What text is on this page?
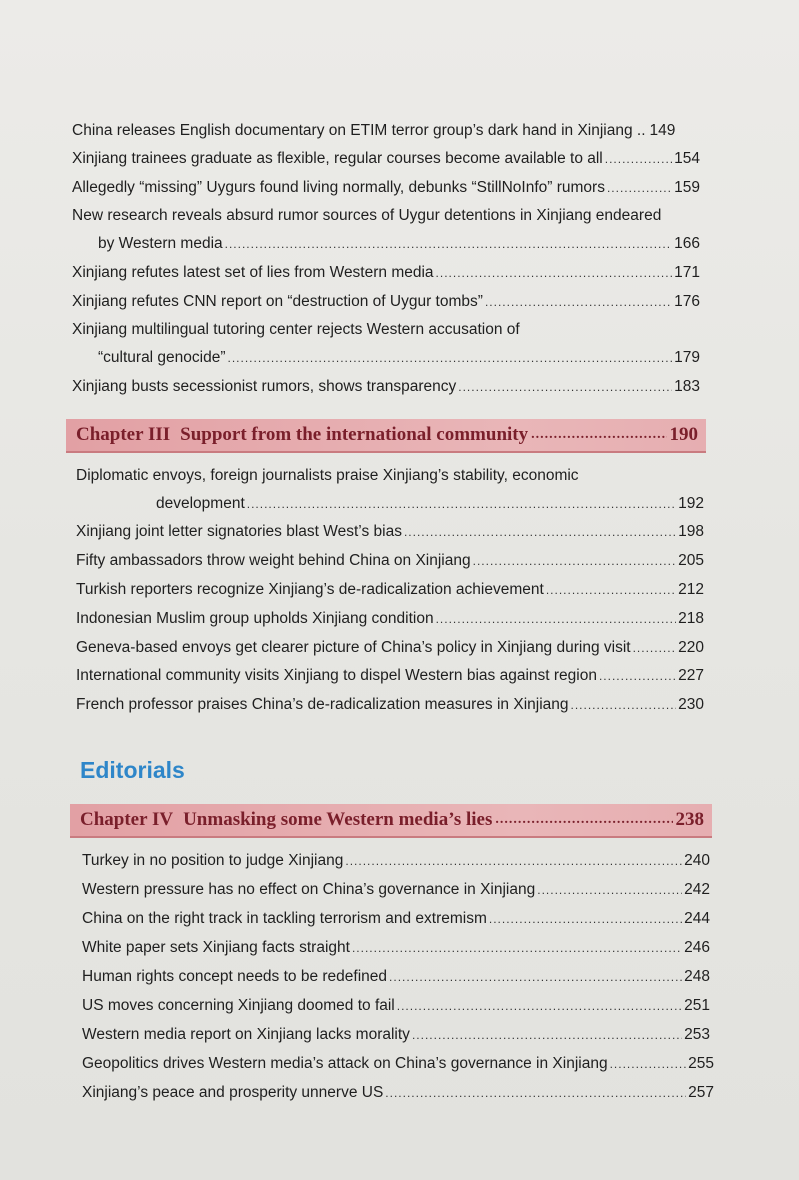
China releases English documentary on ETIM terror group’s dark hand in Xinjiang .. 149
Xinjiang trainees graduate as flexible, regular courses become available to all .....	154
Allegedly “missing” Uygurs found living normally, debunks “StillNoInfo” rumors .....	159
New research reveals absurd rumor sources of Uygur detentions in Xinjiang endeared
by Western media .....	166
Xinjiang refutes latest set of lies from Western media .....	171
Xinjiang refutes CNN report on “destruction of Uygur tombs” .....	176
Xinjiang multilingual tutoring center rejects Western accusation of
“cultural genocide” .....	179
Xinjiang busts secessionist rumors, shows transparency .....	183
Chapter III Support from the international community .....	190
Diplomatic envoys, foreign journalists praise Xinjiang’s stability, economic
development .....	192
Xinjiang joint letter signatories blast West’s bias .....	198
Fifty ambassadors throw weight behind China on Xinjiang .....	205
Turkish reporters recognize Xinjiang’s de-radicalization achievement .....	212
Indonesian Muslim group upholds Xinjiang condition .....	218
Geneva-based envoys get clearer picture of China’s policy in Xinjiang during visit .....	220
International community visits Xinjiang to dispel Western bias against region .....	227
French professor praises China’s de-radicalization measures in Xinjiang .....	230
Editorials
Chapter IV Unmasking some Western media’s lies .....	238
Turkey in no position to judge Xinjiang .....	240
Western pressure has no effect on China’s governance in Xinjiang .....	242
China on the right track in tackling terrorism and extremism .....	244
White paper sets Xinjiang facts straight .....	246
Human rights concept needs to be redefined .....	248
US moves concerning Xinjiang doomed to fail .....	251
Western media report on Xinjiang lacks morality .....	253
Geopolitics drives Western media’s attack on China’s governance in Xinjiang .....	255
Xinjiang’s peace and prosperity unnerve US .....	257
